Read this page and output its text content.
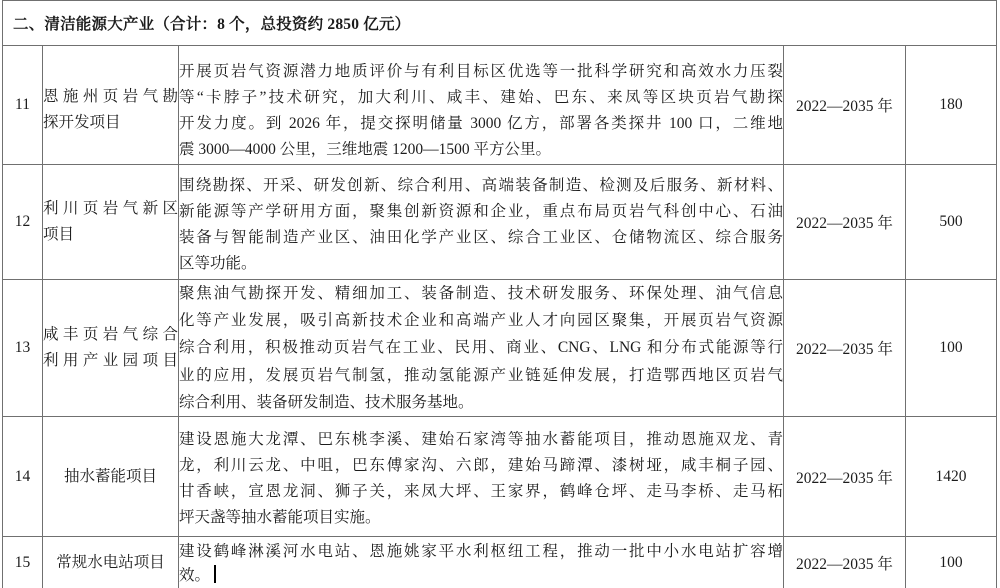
二、清洁能源大产业（合计：8 个，总投资约 2850 亿元）				
11	恩施州页岩气勘
探开发项目	开展页岩气资源潜力地质评价与有利目标区优选等一批科学研究和高效水力压裂
等“卡脖子”技术研究，加大利川、咸丰、建始、巴东、来凤等区块页岩气勘探
开发力度。到 2026 年，提交探明储量 3000 亿方，部署各类探井 100 口，二维地
震 3000—4000 公里，三维地震 1200—1500 平方公里。	2022—2035 年	180
12	利川页岩气新区
项目	围绕勘探、开采、研发创新、综合利用、高端装备制造、检测及后服务、新材料、
新能源等产学研用方面，聚集创新资源和企业，重点布局页岩气科创中心、石油
装备与智能制造产业区、油田化学产业区、综合工业区、仓储物流区、综合服务
区等功能。	2022—2035 年	500
13	咸丰页岩气综合
利用产业园项目	聚焦油气勘探开发、精细加工、装备制造、技术研发服务、环保处理、油气信息
化等产业发展，吸引高新技术企业和高端产业人才向园区聚集，开展页岩气资源
综合利用，积极推动页岩气在工业、民用、商业、CNG、LNG 和分布式能源等行
业的应用，发展页岩气制氢，推动氢能源产业链延伸发展，打造鄂西地区页岩气
综合利用、装备研发制造、技术服务基地。	2022—2035 年	100
14	抽水蓄能项目	建设恩施大龙潭、巴东桃李溪、建始石家湾等抽水蓄能项目，推动恩施双龙、青
龙，利川云龙、中咀，巴东傅家沟、六郎，建始马蹄潭、漆树垭，咸丰桐子园、
甘香峡，宣恩龙洞、狮子关，来凤大坪、王家界，鹤峰仓坪、走马李桥、走马柘
坪天盏等抽水蓄能项目实施。	2022—2035 年	1420
15	常规水电站项目	建设鹤峰淋溪河水电站、恩施姚家平水利枢纽工程，推动一批中小水电站扩容增
效。	2022—2035 年	100
